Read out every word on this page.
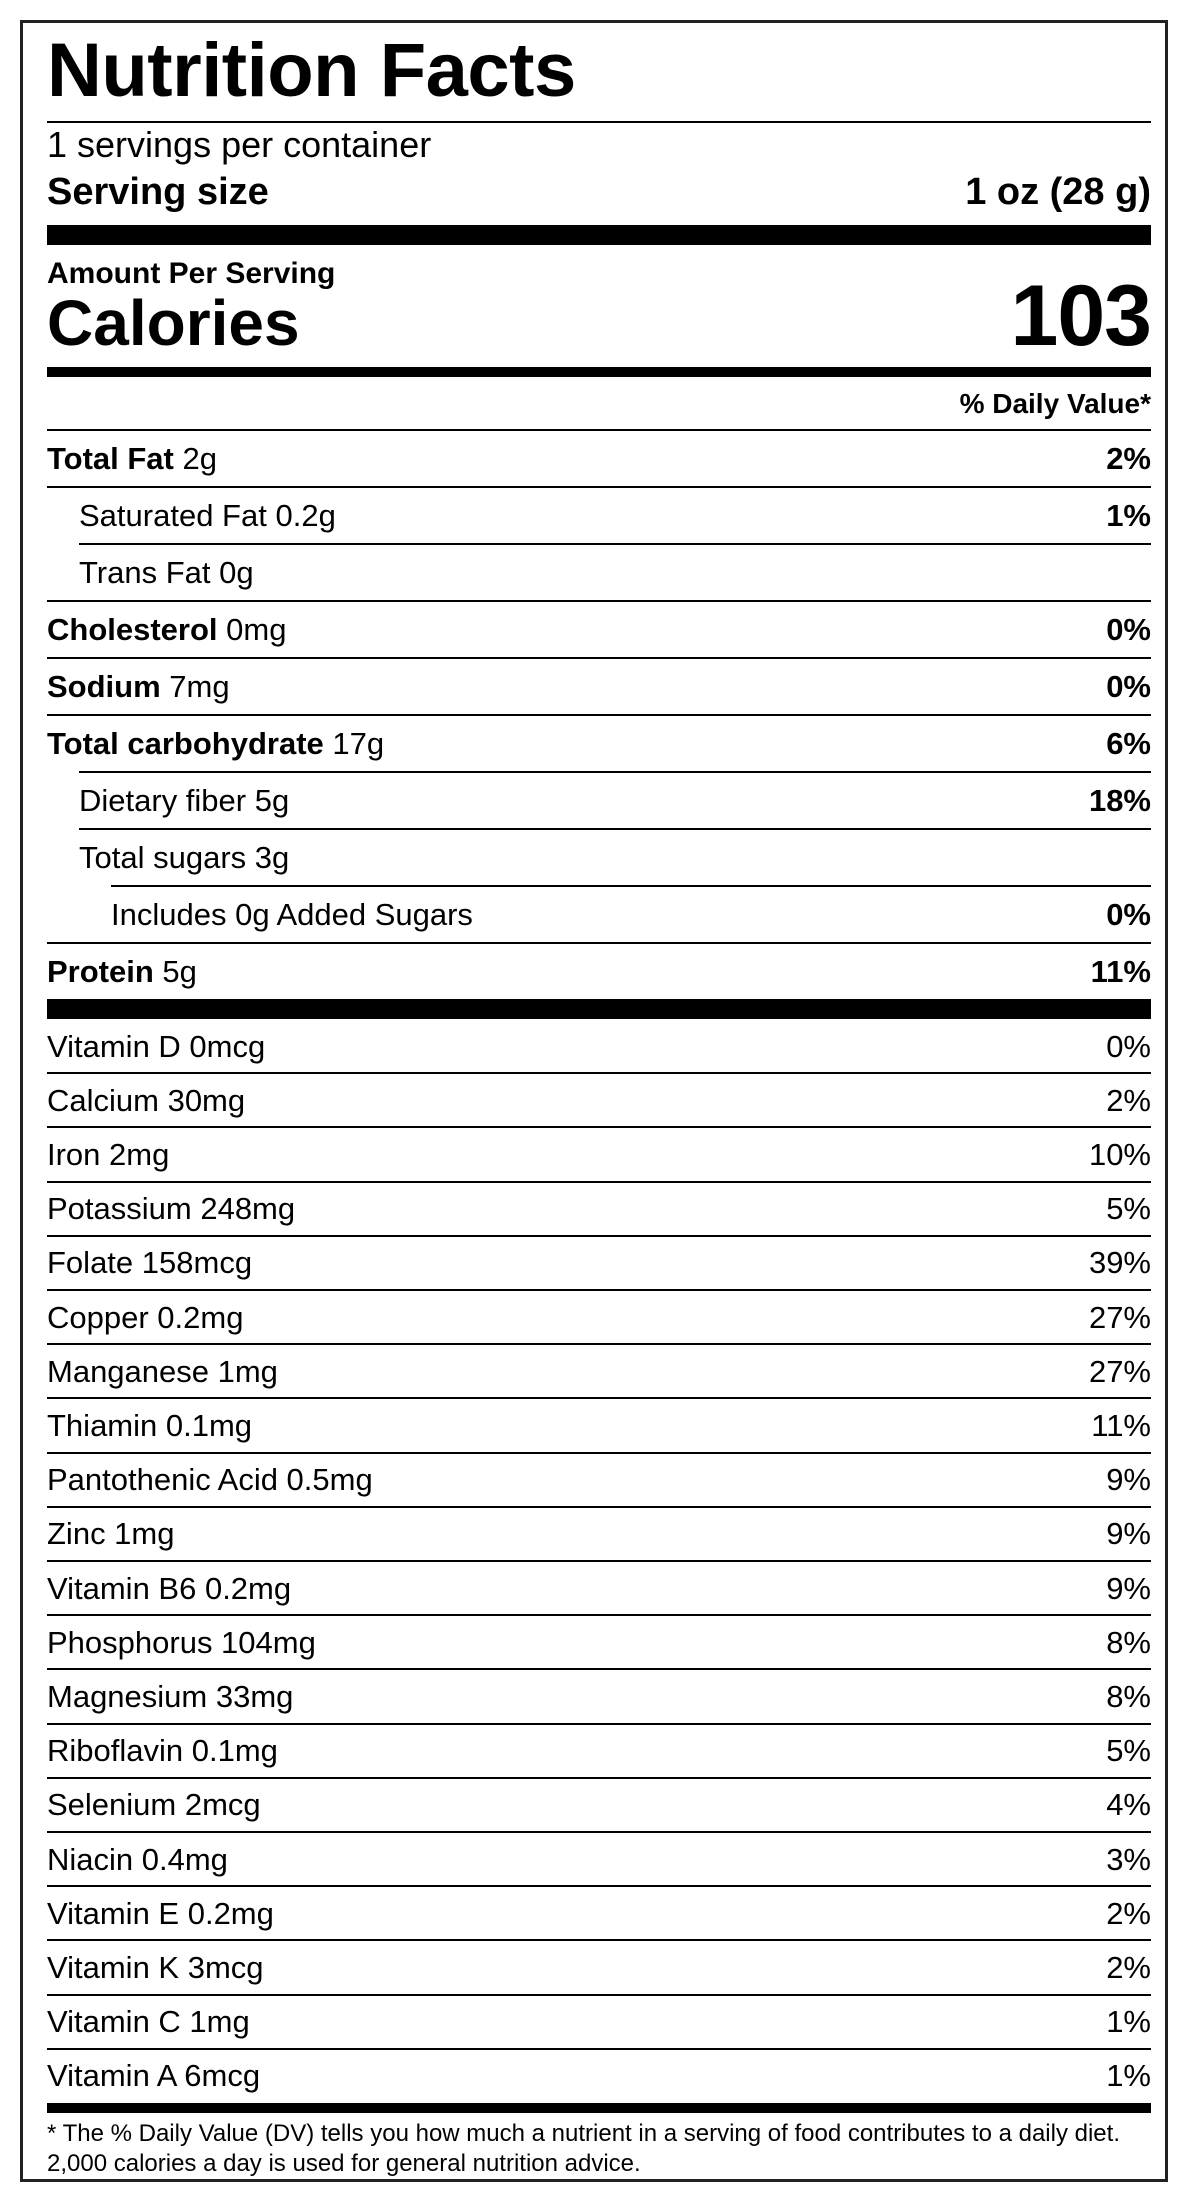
Nutrition Facts
1 servings per container
Serving size	1 oz (28 g)
Amount Per Serving
Calories	103
% Daily Value*
Total Fat 2g	2%
Saturated Fat 0.2g	1%
Trans Fat 0g
Cholesterol 0mg	0%
Sodium 7mg	0%
Total carbohydrate 17g	6%
Dietary fiber 5g	18%
Total sugars 3g
Includes 0g Added Sugars	0%
Protein 5g	11%
Vitamin D 0mcg	0%
Calcium 30mg	2%
Iron 2mg	10%
Potassium 248mg	5%
Folate 158mcg	39%
Copper 0.2mg	27%
Manganese 1mg	27%
Thiamin 0.1mg	11%
Pantothenic Acid 0.5mg	9%
Zinc 1mg	9%
Vitamin B6 0.2mg	9%
Phosphorus 104mg	8%
Magnesium 33mg	8%
Riboflavin 0.1mg	5%
Selenium 2mcg	4%
Niacin 0.4mg	3%
Vitamin E 0.2mg	2%
Vitamin K 3mcg	2%
Vitamin C 1mg	1%
Vitamin A 6mcg	1%
* The % Daily Value (DV) tells you how much a nutrient in a serving of food contributes to a daily diet. 2,000 calories a day is used for general nutrition advice.
